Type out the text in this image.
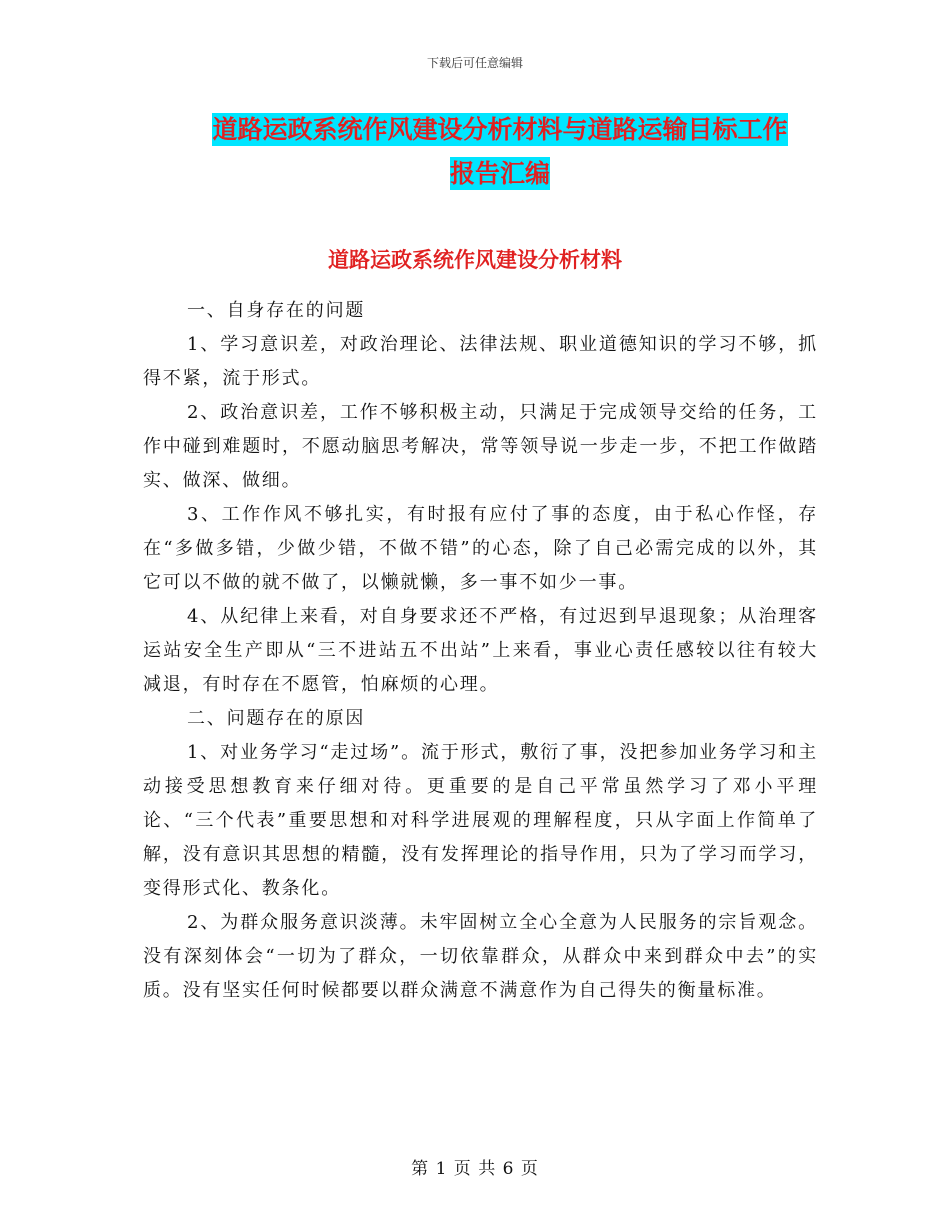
下载后可任意编辑
道路运政系统作风建设分析材料与道路运输目标工作
报告汇编
道路运政系统作风建设分析材料

一、自身存在的问题

1、学习意识差，对政治理论、法律法规、职业道德知识的学习不够，抓得不紧，流于形式。

2、政治意识差，工作不够积极主动，只满足于完成领导交给的任务，工作中碰到难题时，不愿动脑思考解决，常等领导说一步走一步，不把工作做踏实、做深、做细。

3、工作作风不够扎实，有时报有应付了事的态度，由于私心作怪，存在“多做多错，少做少错，不做不错”的心态，除了自己必需完成的以外，其它可以不做的就不做了，以懒就懒，多一事不如少一事。

4、从纪律上来看，对自身要求还不严格，有过迟到早退现象；从治理客运站安全生产即从“三不进站五不出站”上来看，事业心责任感较以往有较大减退，有时存在不愿管，怕麻烦的心理。

二、问题存在的原因

1、对业务学习“走过场”。流于形式，敷衍了事，没把参加业务学习和主动接受思想教育来仔细对待。更重要的是自己平常虽然学习了邓小平理论、“三个代表”重要思想和对科学进展观的理解程度，只从字面上作简单了解，没有意识其思想的精髓，没有发挥理论的指导作用，只为了学习而学习，变得形式化、教条化。

2、为群众服务意识淡薄。未牢固树立全心全意为人民服务的宗旨观念。没有深刻体会“一切为了群众，一切依靠群众，从群众中来到群众中去”的实质。没有坚实任何时候都要以群众满意不满意作为自己得失的衡量标准。

第 1 页 共 6 页
